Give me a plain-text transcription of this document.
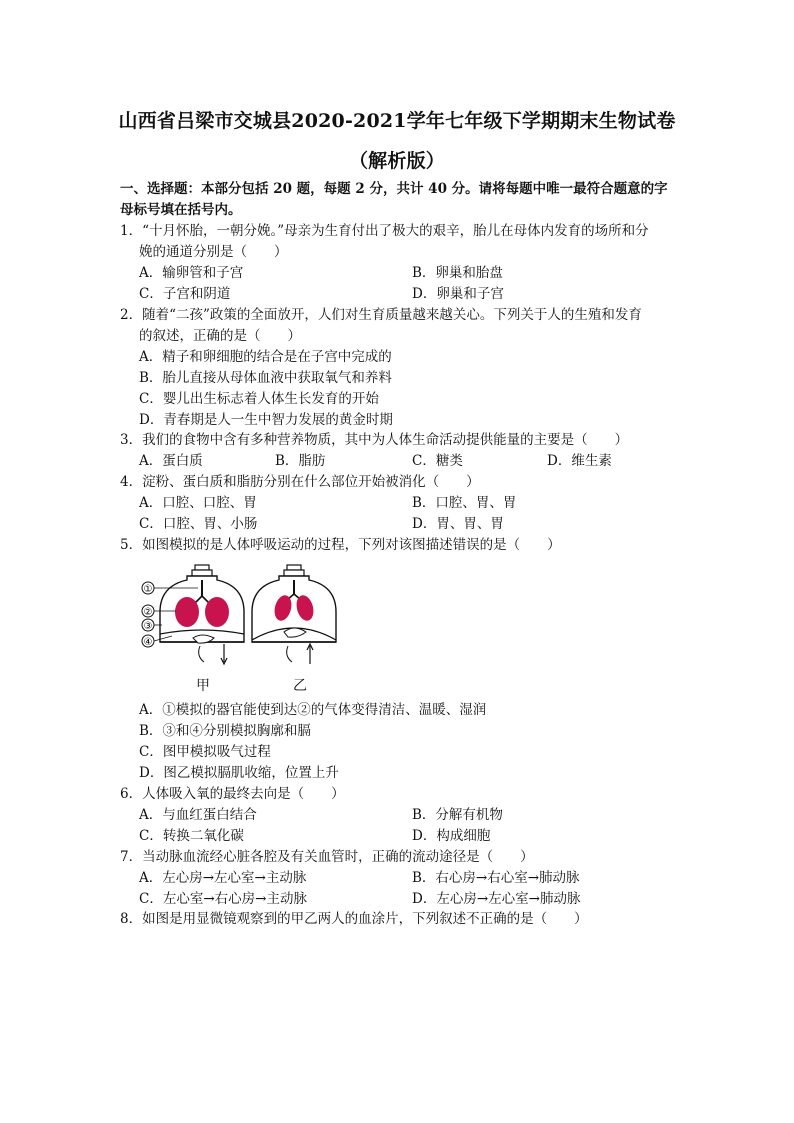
山西省吕梁市交城县2020-2021学年七年级下学期期末生物试卷
（解析版）
一、选择题：本部分包括 20 题，每题 2 分，共计 40 分。请将每题中唯一最符合题意的字
母标号填在括号内。
1．“十月怀胎，一朝分娩。”母亲为生育付出了极大的艰辛，胎儿在母体内发育的场所和分
娩的通道分别是（　　）
A．输卵管和子宫	B．卵巢和胎盘
C．子宫和阴道	D．卵巢和子宫
2．随着“二孩”政策的全面放开，人们对生育质量越来越关心。下列关于人的生殖和发育
的叙述，正确的是（　　）
A．精子和卵细胞的结合是在子宫中完成的
B．胎儿直接从母体血液中获取氧气和养料
C．婴儿出生标志着人体生长发育的开始
D．青春期是人一生中智力发展的黄金时期
3．我们的食物中含有多种营养物质，其中为人体生命活动提供能量的主要是（　　）
A．蛋白质	B．脂肪	C．糖类	D．维生素
4．淀粉、蛋白质和脂肪分别在什么部位开始被消化（　　）
A．口腔、口腔、胃	B．口腔、胃、胃
C．口腔、胃、小肠	D．胃、胃、胃
5．如图模拟的是人体呼吸运动的过程，下列对该图描述错误的是（　　）
①
②
③
④
甲	乙
A．①模拟的器官能使到达②的气体变得清洁、温暖、湿润
B．③和④分别模拟胸廓和膈
C．图甲模拟吸气过程
D．图乙模拟膈肌收缩，位置上升
6．人体吸入氧的最终去向是（　　）
A．与血红蛋白结合	B．分解有机物
C．转换二氧化碳	D．构成细胞
7．当动脉血流经心脏各腔及有关血管时，正确的流动途径是（　　）
A．左心房→左心室→主动脉	B．右心房→右心室→肺动脉
C．左心室→右心房→主动脉	D．左心房→左心室→肺动脉
8．如图是用显微镜观察到的甲乙两人的血涂片，下列叙述不正确的是（　　）
